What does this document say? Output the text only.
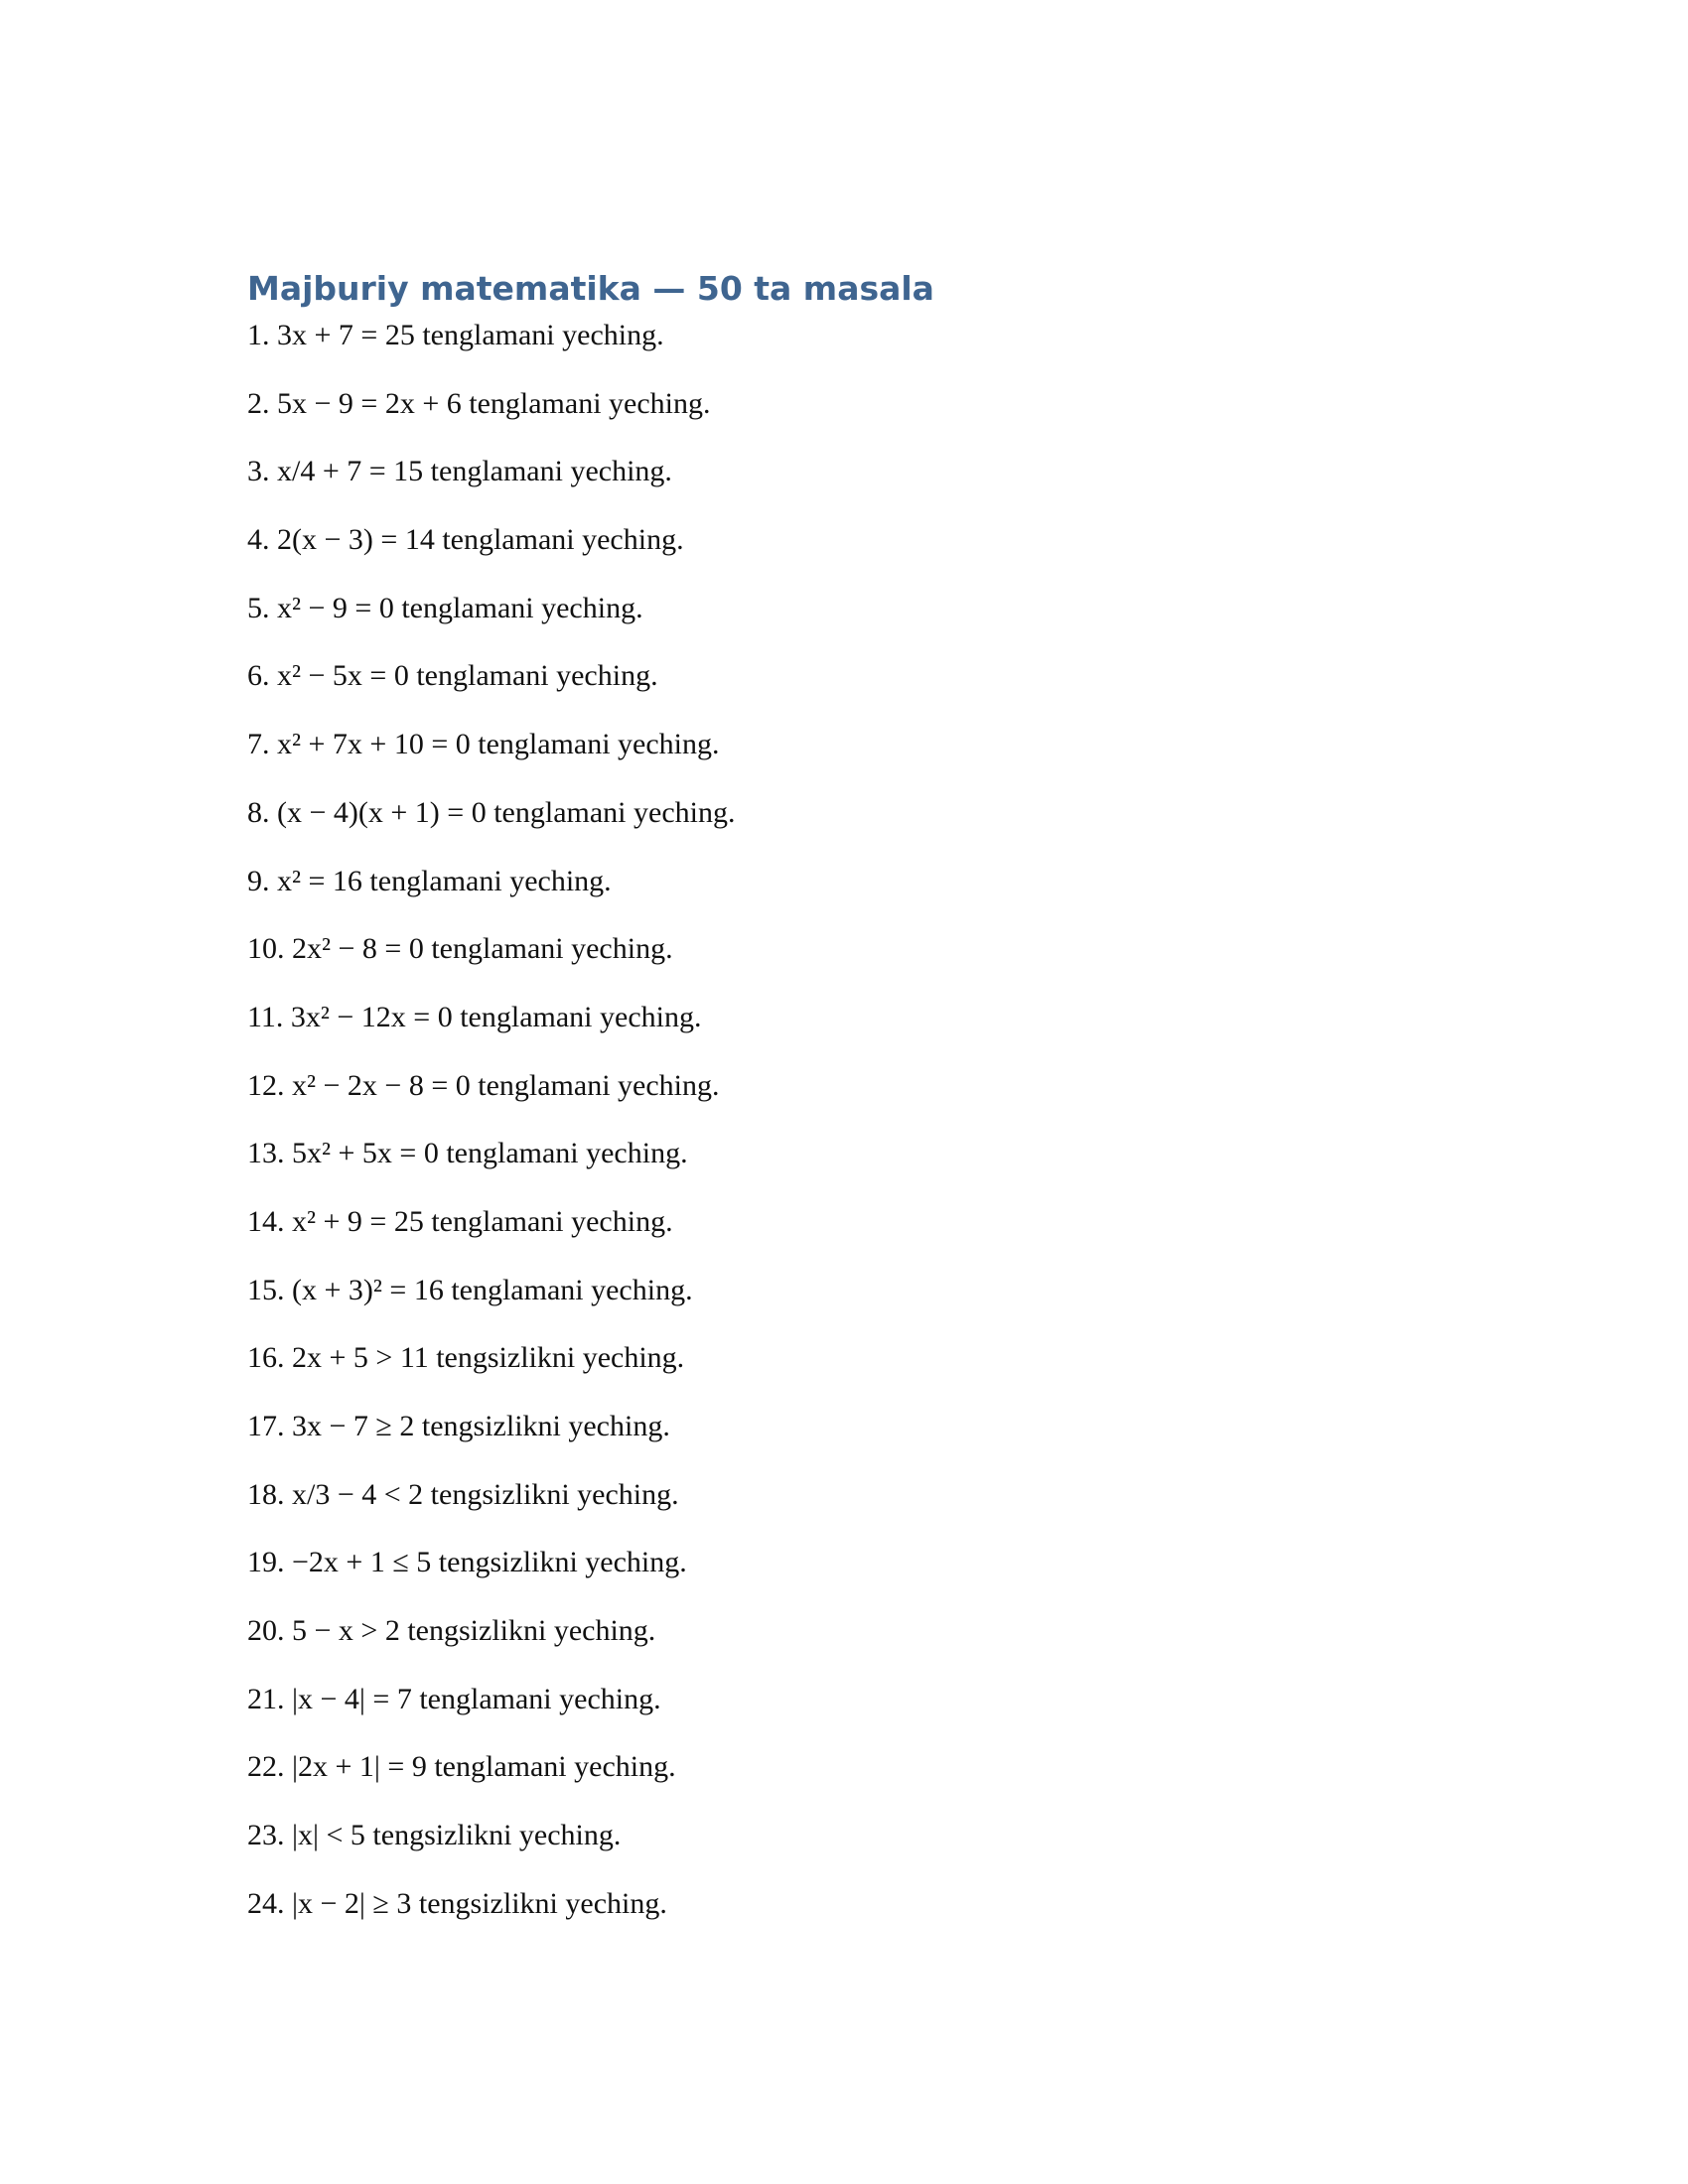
Majburiy matematika — 50 ta masala
1. 3x + 7 = 25 tenglamani yeching.
2. 5x − 9 = 2x + 6 tenglamani yeching.
3. x/4 + 7 = 15 tenglamani yeching.
4. 2(x − 3) = 14 tenglamani yeching.
5. x² − 9 = 0 tenglamani yeching.
6. x² − 5x = 0 tenglamani yeching.
7. x² + 7x + 10 = 0 tenglamani yeching.
8. (x − 4)(x + 1) = 0 tenglamani yeching.
9. x² = 16 tenglamani yeching.
10. 2x² − 8 = 0 tenglamani yeching.
11. 3x² − 12x = 0 tenglamani yeching.
12. x² − 2x − 8 = 0 tenglamani yeching.
13. 5x² + 5x = 0 tenglamani yeching.
14. x² + 9 = 25 tenglamani yeching.
15. (x + 3)² = 16 tenglamani yeching.
16. 2x + 5 > 11 tengsizlikni yeching.
17. 3x − 7 ≥ 2 tengsizlikni yeching.
18. x/3 − 4 < 2 tengsizlikni yeching.
19. −2x + 1 ≤ 5 tengsizlikni yeching.
20. 5 − x > 2 tengsizlikni yeching.
21. |x − 4| = 7 tenglamani yeching.
22. |2x + 1| = 9 tenglamani yeching.
23. |x| < 5 tengsizlikni yeching.
24. |x − 2| ≥ 3 tengsizlikni yeching.
